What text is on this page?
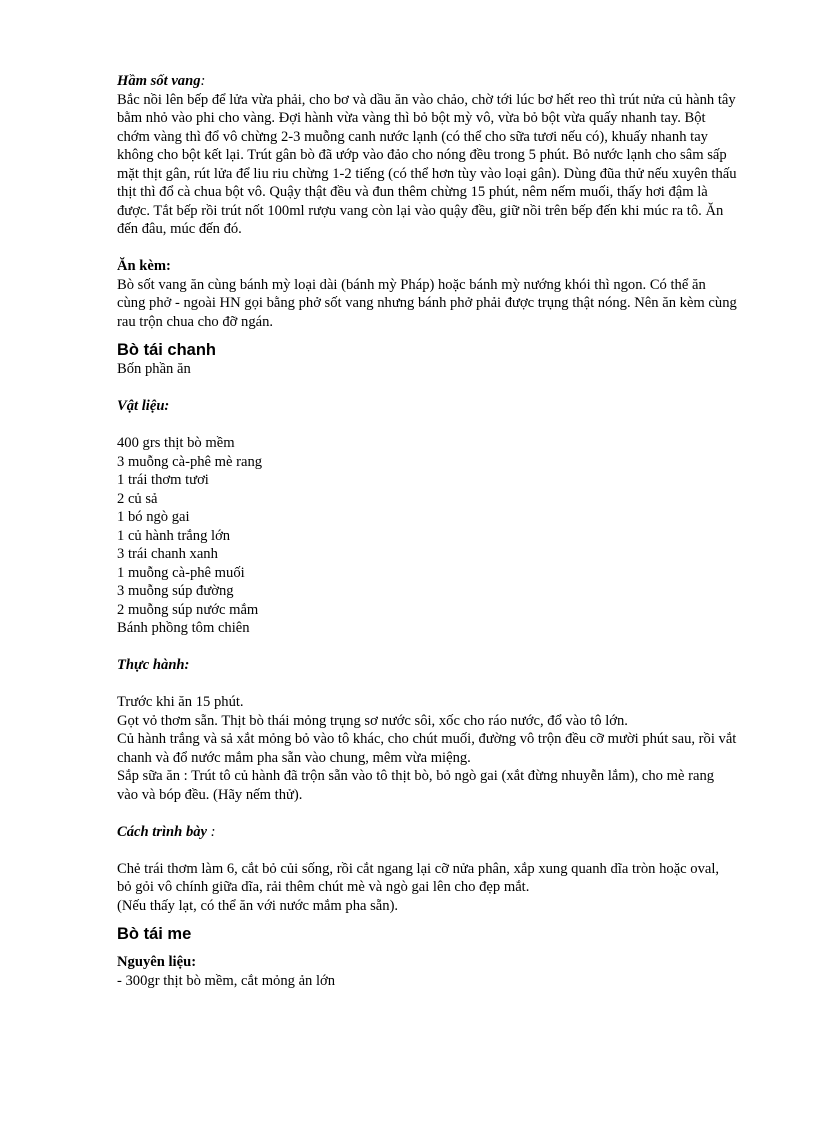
Hầm sốt vang:

Bắc nồi lên bếp để lửa vừa phải, cho bơ và dầu ăn vào chảo, chờ tới lúc bơ hết reo thì trút nửa củ hành tây bằm nhỏ vào phi cho vàng. Đợi hành vừa vàng thì bỏ bột mỳ vô, vừa bỏ bột vừa quấy nhanh tay. Bột chớm vàng thì đổ vô chừng 2-3 muỗng canh nước lạnh (có thể cho sữa tươi nếu có), khuấy nhanh tay không cho bột kết lại. Trút gân bò đã ướp vào đảo cho nóng đều trong 5 phút. Bỏ nước lạnh cho sâm sấp mặt thịt gân, rút lửa để liu riu chừng 1-2 tiếng (có thể hơn tùy vào loại gân). Dùng đũa thử nếu xuyên thấu thịt thì đổ cà chua bột vô. Quậy thật đều và đun thêm chừng 15 phút, nêm nếm muối, thấy hơi đậm là được. Tắt bếp rồi trút nốt 100ml rượu vang còn lại vào quậy đều, giữ nồi trên bếp đến khi múc ra tô. Ăn đến đâu, múc đến đó.

Ăn kèm:

Bò sốt vang ăn cùng bánh mỳ loại dài (bánh mỳ Pháp) hoặc bánh mỳ nướng khói thì ngon. Có thể ăn cùng phở - ngoài HN gọi bằng phở sốt vang nhưng bánh phở phải được trụng thật nóng. Nên ăn kèm cùng rau trộn chua cho đỡ ngán.

Bò tái chanh

Bốn phần ăn

Vật liệu:

400 grs thịt bò mềm
3 muỗng cà-phê mè rang
1 trái thơm tươi
2 củ sả
1 bó ngò gai
1 củ hành trắng lớn
3 trái chanh xanh
1 muỗng cà-phê muối
3 muỗng súp đường
2 muỗng súp nước mắm
Bánh phồng tôm chiên

Thực hành:

Trước khi ăn 15 phút.

Gọt vỏ thơm sẵn. Thịt bò thái mỏng trụng sơ nước sôi, xốc cho ráo nước, đổ vào tô lớn.

Củ hành trắng và sả xắt mỏng bỏ vào tô khác, cho chút muối, đường vô trộn đều cỡ mười phút sau, rồi vắt chanh và đổ nước mắm pha sẵn vào chung, mêm vừa miệng.

Sắp sữa ăn : Trút tô củ hành đã trộn sẵn vào tô thịt bò, bỏ ngò gai (xắt đừng nhuyễn lắm), cho mè rang vào và bóp đều. (Hãy nếm thử).

Cách trình bày :

Chẻ trái thơm làm 6, cắt bỏ củi sống, rồi cắt ngang lại cỡ nửa phân, xắp xung quanh dĩa tròn hoặc oval, bỏ gỏi vô chính giữa dĩa, rải thêm chút mè và ngò gai lên cho đẹp mắt.

(Nếu thấy lạt, có thể ăn với nước mắm pha sẵn).

Bò tái me

Nguyên liệu:

- 300gr thịt bò mềm, cắt mỏng ản lớn
